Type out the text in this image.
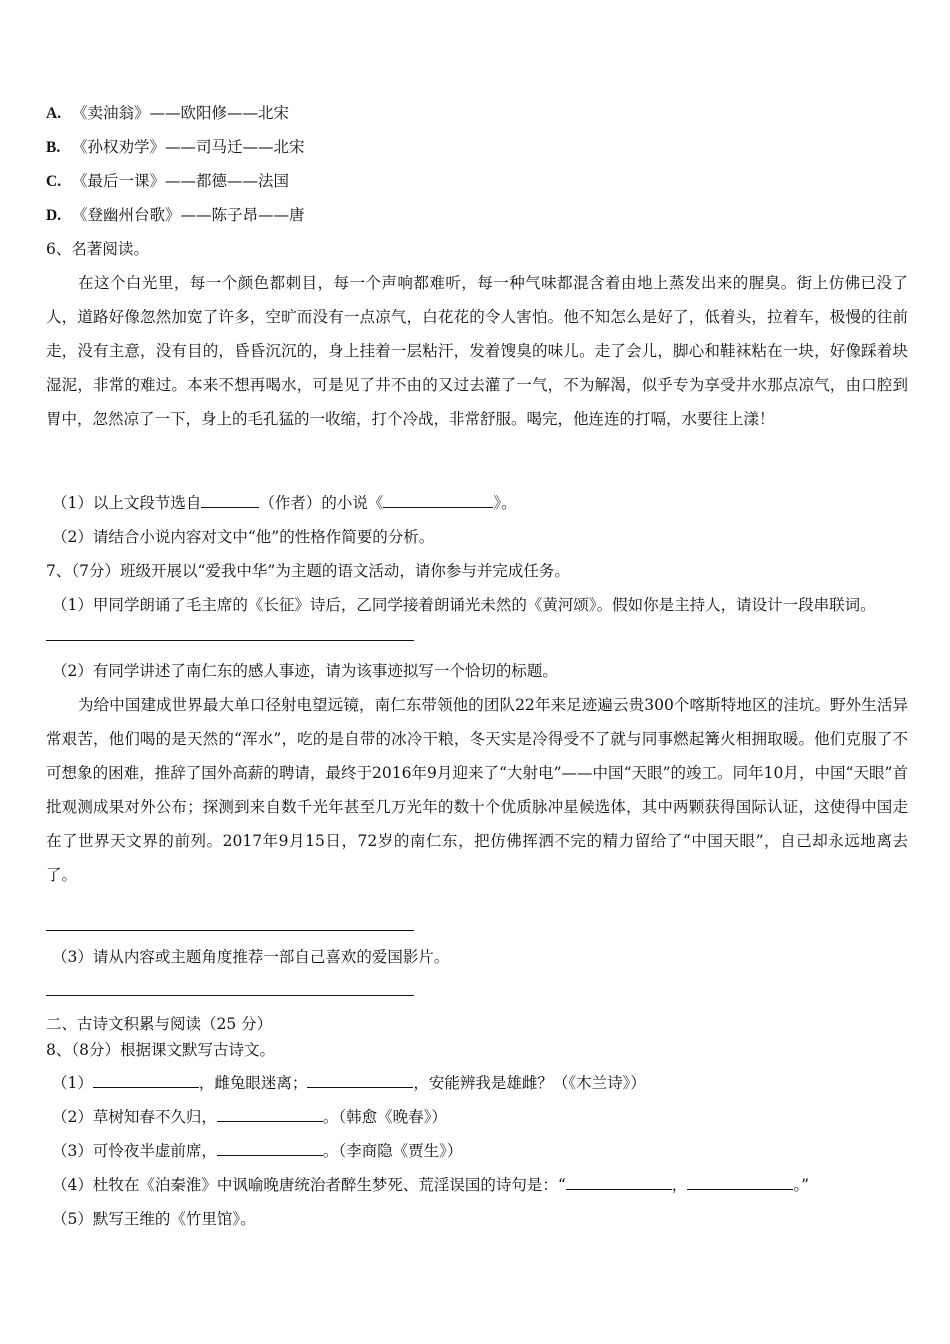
A. 《卖油翁》——欧阳修——北宋
B. 《孙权劝学》——司马迁——北宋
C. 《最后一课》——都德——法国
D. 《登幽州台歌》——陈子昂——唐
6、名著阅读。
在这个白光里，每一个颜色都刺目，每一个声响都难听，每一种气味都混含着由地上蒸发出来的腥臭。街上仿佛已没了人，道路好像忽然加宽了许多，空旷而没有一点凉气，白花花的令人害怕。他不知怎么是好了，低着头，拉着车，极慢的往前走，没有主意，没有目的，昏昏沉沉的，身上挂着一层粘汗，发着馊臭的味儿。走了会儿，脚心和鞋袜粘在一块，好像踩着块湿泥，非常的难过。本来不想再喝水，可是见了井不由的又过去灌了一气，不为解渴，似乎专为享受井水那点凉气，由口腔到胃中，忽然凉了一下，身上的毛孔猛的一收缩，打个冷战，非常舒服。喝完，他连连的打嗝，水要往上漾！
（1）以上文段节选自	（作者）的小说《	》。
（2）请结合小说内容对文中“他”的性格作简要的分析。
7、（7分）班级开展以“爱我中华”为主题的语文活动，请你参与并完成任务。
（1）甲同学朗诵了毛主席的《长征》诗后，乙同学接着朗诵光未然的《黄河颂》。假如你是主持人，请设计一段串联词。
（2）有同学讲述了南仁东的感人事迹，请为该事迹拟写一个恰切的标题。
为给中国建成世界最大单口径射电望远镜，南仁东带领他的团队22年来足迹遍云贵300个喀斯特地区的洼坑。野外生活异常艰苦，他们喝的是天然的“浑水”，吃的是自带的冰冷干粮，冬天实是冷得受不了就与同事燃起篝火相拥取暖。他们克服了不可想象的困难，推辞了国外高薪的聘请，最终于2016年9月迎来了“大射电”——中国“天眼”的竣工。同年10月，中国“天眼”首批观测成果对外公布；探测到来自数千光年甚至几万光年的数十个优质脉冲星候选体，其中两颗获得国际认证，这使得中国走在了世界天文界的前列。2017年9月15日，72岁的南仁东，把仿佛挥洒不完的精力留给了“中国天眼”，自己却永远地离去了。
（3）请从内容或主题角度推荐一部自己喜欢的爱国影片。
二、古诗文积累与阅读（25 分）
8、（8分）根据课文默写古诗文。
（1）	，雌兔眼迷离；	，安能辨我是雄雌？（《木兰诗》）
（2）草树知春不久归，	。（韩愈《晚春》）
（3）可怜夜半虚前席，	。（李商隐《贾生》）
（4）杜牧在《泊秦淮》中讽喻晚唐统治者醉生梦死、荒淫误国的诗句是：“	，	。”
（5）默写王维的《竹里馆》。
